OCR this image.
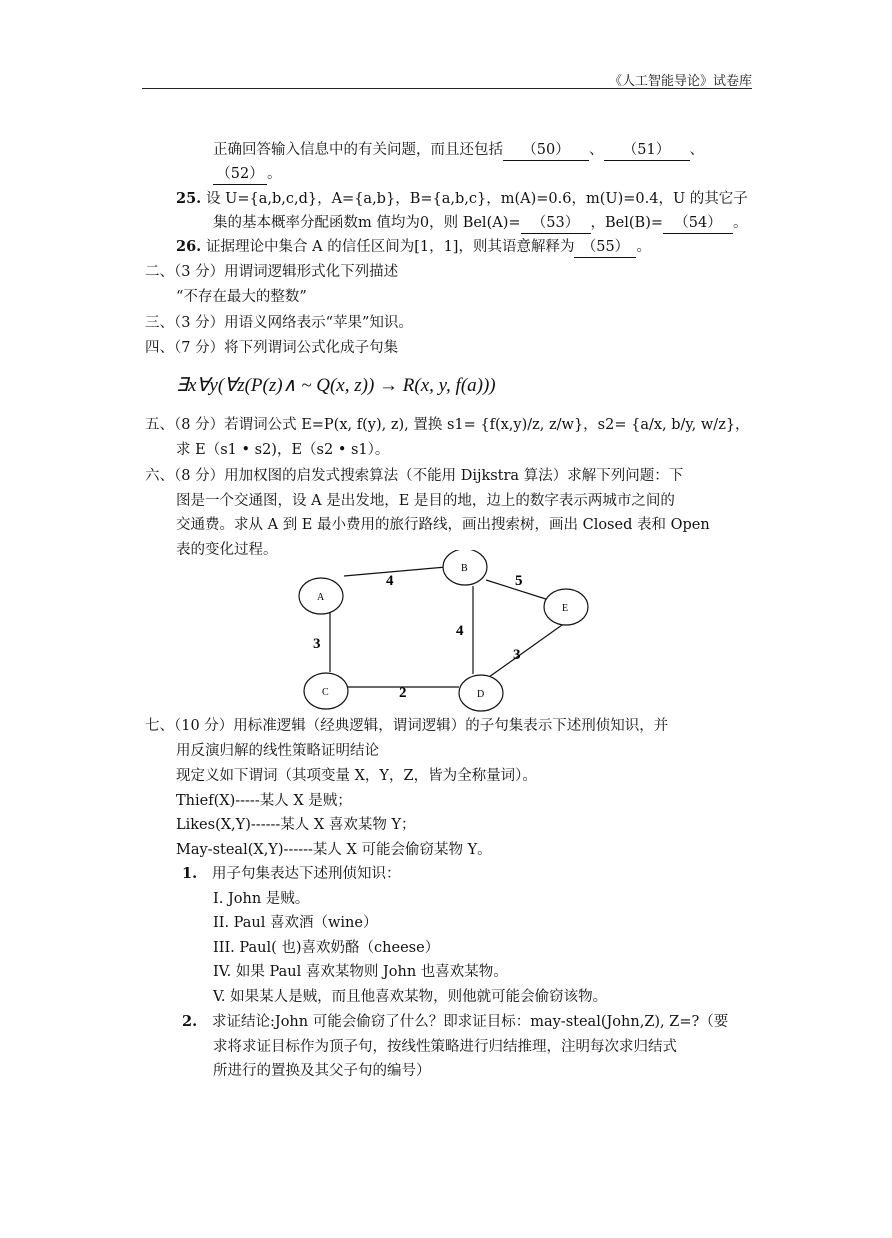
《人工智能导论》试卷库
正确回答输入信息中的有关问题，而且还包括 （50） 、 （51） 、
（52） 。
25. 设 U={a,b,c,d}，A={a,b}，B={a,b,c}，m(A)=0.6，m(U)=0.4，U 的其它子
集的基本概率分配函数m 值均为0，则 Bel(A)= （53） ，Bel(B)= （54） 。
26. 证据理论中集合 A 的信任区间为[1，1]，则其语意解释为 （55） 。
二、（3 分）用谓词逻辑形式化下列描述
“不存在最大的整数”
三、（3 分）用语义网络表示“苹果”知识。
四、（7 分）将下列谓词公式化成子句集
∃x∀y(∀z(P(z)∧ ~ Q(x, z)) → R(x, y, f(a)))
五、（8 分）若谓词公式 E=P(x, f(y), z), 置换 s1= {f(x,y)/z, z/w}，s2= {a/x, b/y, w/z}，
求 E（s1 • s2)，E（s2 • s1）。
六、（8 分）用加权图的启发式搜索算法（不能用 Dijkstra 算法）求解下列问题：下
图是一个交通图，设 A 是出发地，E 是目的地，边上的数字表示两城市之间的
交通费。求从 A 到 E 最小费用的旅行路线，画出搜索树，画出 Closed 表和 Open
表的变化过程。
A
B
C	D
E
4	5
4
3
2
3
七、（10 分）用标准逻辑（经典逻辑，谓词逻辑）的子句集表示下述刑侦知识，并
用反演归解的线性策略证明结论
现定义如下谓词（其项变量 X，Y，Z，皆为全称量词）。
Thief(X)-----某人 X 是贼；
Likes(X,Y)------某人 X 喜欢某物 Y；
May-steal(X,Y)------某人 X 可能会偷窃某物 Y。
1. 用子句集表达下述刑侦知识：
I. John 是贼。
II. Paul 喜欢酒（wine）
III. Paul( 也)喜欢奶酪（cheese）
IV. 如果 Paul 喜欢某物则 John 也喜欢某物。
V. 如果某人是贼，而且他喜欢某物，则他就可能会偷窃该物。
2. 求证结论:John 可能会偷窃了什么？即求证目标：may-steal(John,Z), Z=?（要
求将求证目标作为顶子句，按线性策略进行归结推理，注明每次求归结式
所进行的置换及其父子句的编号）
